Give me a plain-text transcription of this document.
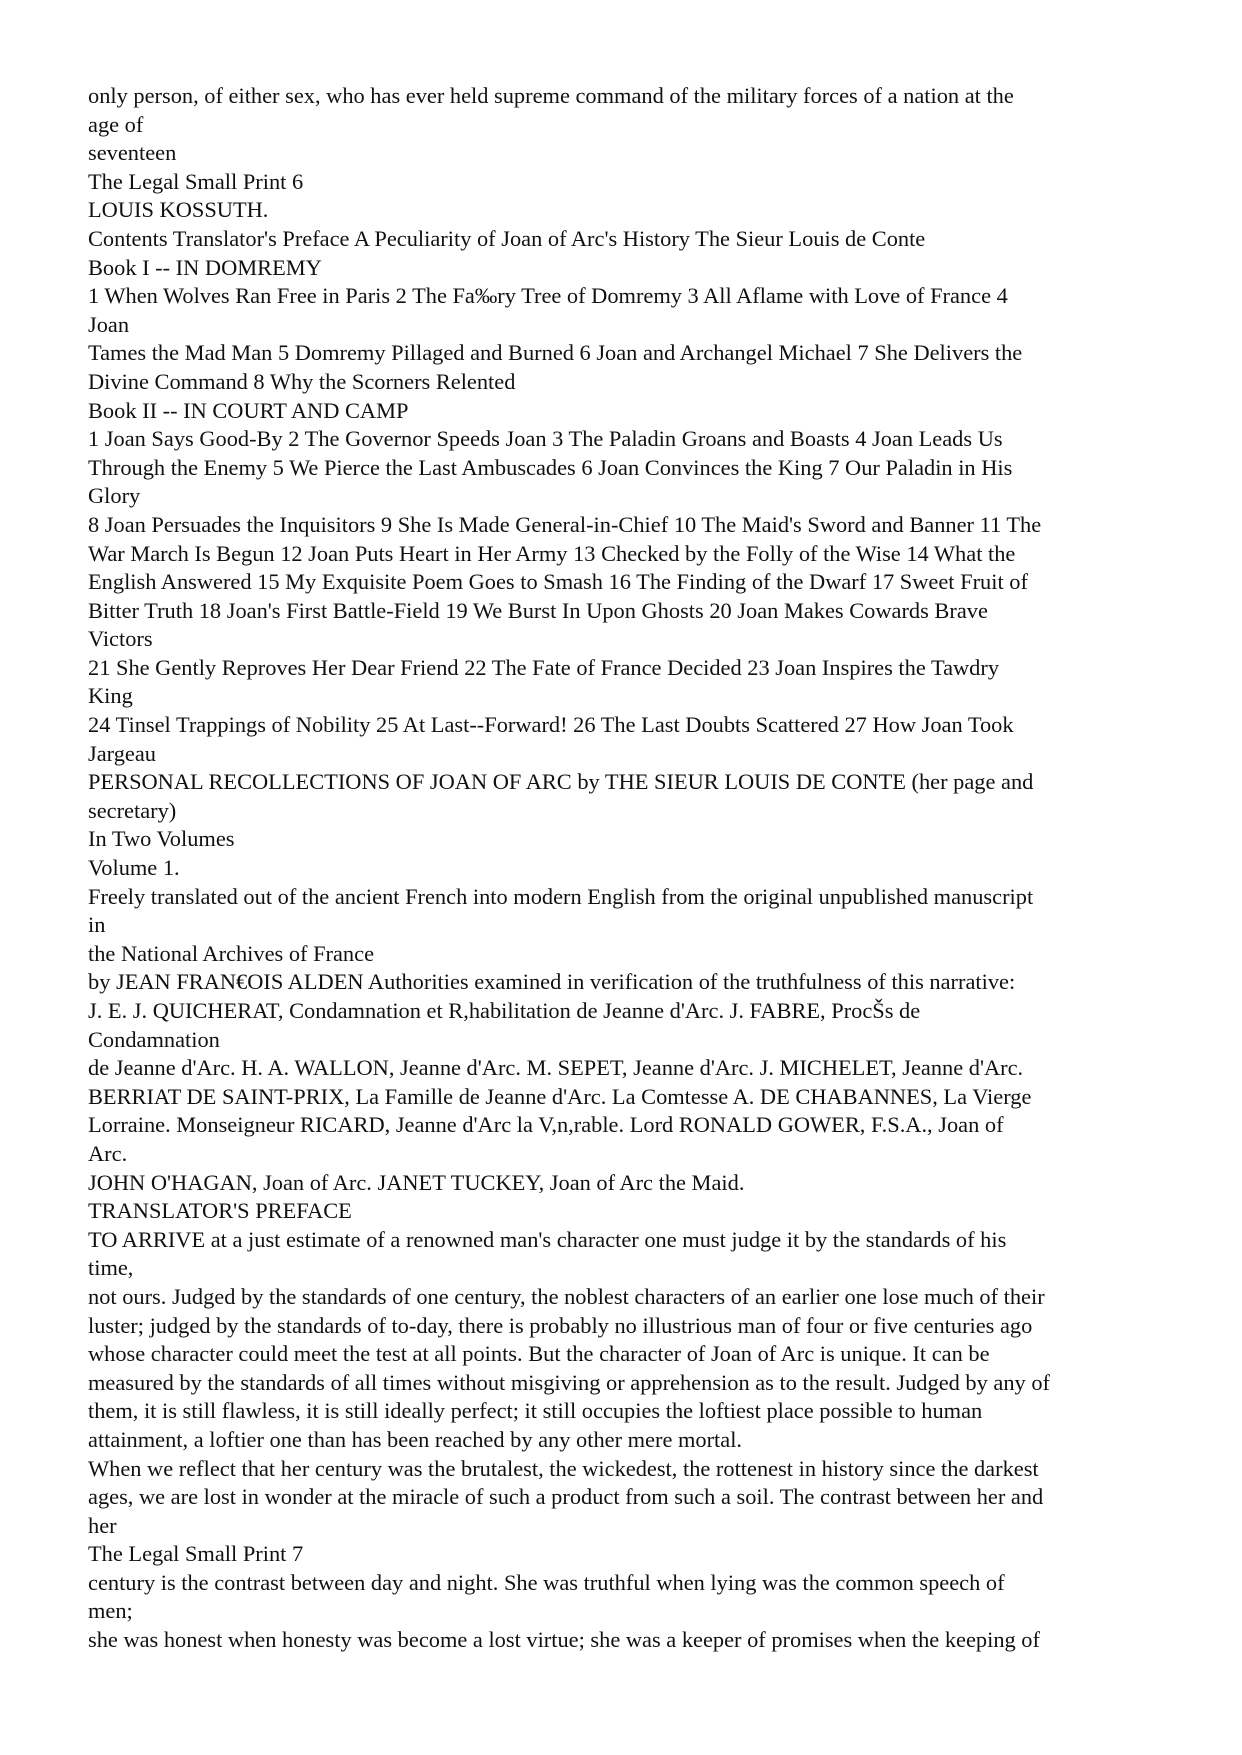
only person, of either sex, who has ever held supreme command of the military forces of a nation at the

age of

seventeen

The Legal Small Print 6

LOUIS KOSSUTH.

Contents Translator's Preface A Peculiarity of Joan of Arc's History The Sieur Louis de Conte

Book I -- IN DOMREMY

1 When Wolves Ran Free in Paris 2 The Fa‰ry Tree of Domremy 3 All Aflame with Love of France 4

Joan

Tames the Mad Man 5 Domremy Pillaged and Burned 6 Joan and Archangel Michael 7 She Delivers the

Divine Command 8 Why the Scorners Relented

Book II -- IN COURT AND CAMP

1 Joan Says Good-By 2 The Governor Speeds Joan 3 The Paladin Groans and Boasts 4 Joan Leads Us

Through the Enemy 5 We Pierce the Last Ambuscades 6 Joan Convinces the King 7 Our Paladin in His

Glory

8 Joan Persuades the Inquisitors 9 She Is Made General-in-Chief 10 The Maid's Sword and Banner 11 The

War March Is Begun 12 Joan Puts Heart in Her Army 13 Checked by the Folly of the Wise 14 What the

English Answered 15 My Exquisite Poem Goes to Smash 16 The Finding of the Dwarf 17 Sweet Fruit of

Bitter Truth 18 Joan's First Battle-Field 19 We Burst In Upon Ghosts 20 Joan Makes Cowards Brave

Victors

21 She Gently Reproves Her Dear Friend 22 The Fate of France Decided 23 Joan Inspires the Tawdry

King

24 Tinsel Trappings of Nobility 25 At Last--Forward! 26 The Last Doubts Scattered 27 How Joan Took

Jargeau

PERSONAL RECOLLECTIONS OF JOAN OF ARC by THE SIEUR LOUIS DE CONTE (her page and

secretary)

In Two Volumes

Volume 1.

Freely translated out of the ancient French into modern English from the original unpublished manuscript

in

the National Archives of France

by JEAN FRAN€OIS ALDEN Authorities examined in verification of the truthfulness of this narrative:

J. E. J. QUICHERAT, Condamnation et R,habilitation de Jeanne d'Arc. J. FABRE, ProcŠs de

Condamnation

de Jeanne d'Arc. H. A. WALLON, Jeanne d'Arc. M. SEPET, Jeanne d'Arc. J. MICHELET, Jeanne d'Arc.

BERRIAT DE SAINT-PRIX, La Famille de Jeanne d'Arc. La Comtesse A. DE CHABANNES, La Vierge

Lorraine. Monseigneur RICARD, Jeanne d'Arc la V,n,rable. Lord RONALD GOWER, F.S.A., Joan of

Arc.

JOHN O'HAGAN, Joan of Arc. JANET TUCKEY, Joan of Arc the Maid.

TRANSLATOR'S PREFACE

TO ARRIVE at a just estimate of a renowned man's character one must judge it by the standards of his

time,

not ours. Judged by the standards of one century, the noblest characters of an earlier one lose much of their

luster; judged by the standards of to-day, there is probably no illustrious man of four or five centuries ago

whose character could meet the test at all points. But the character of Joan of Arc is unique. It can be

measured by the standards of all times without misgiving or apprehension as to the result. Judged by any of

them, it is still flawless, it is still ideally perfect; it still occupies the loftiest place possible to human

attainment, a loftier one than has been reached by any other mere mortal.

When we reflect that her century was the brutalest, the wickedest, the rottenest in history since the darkest

ages, we are lost in wonder at the miracle of such a product from such a soil. The contrast between her and

her

The Legal Small Print 7

century is the contrast between day and night. She was truthful when lying was the common speech of

men;

she was honest when honesty was become a lost virtue; she was a keeper of promises when the keeping of
